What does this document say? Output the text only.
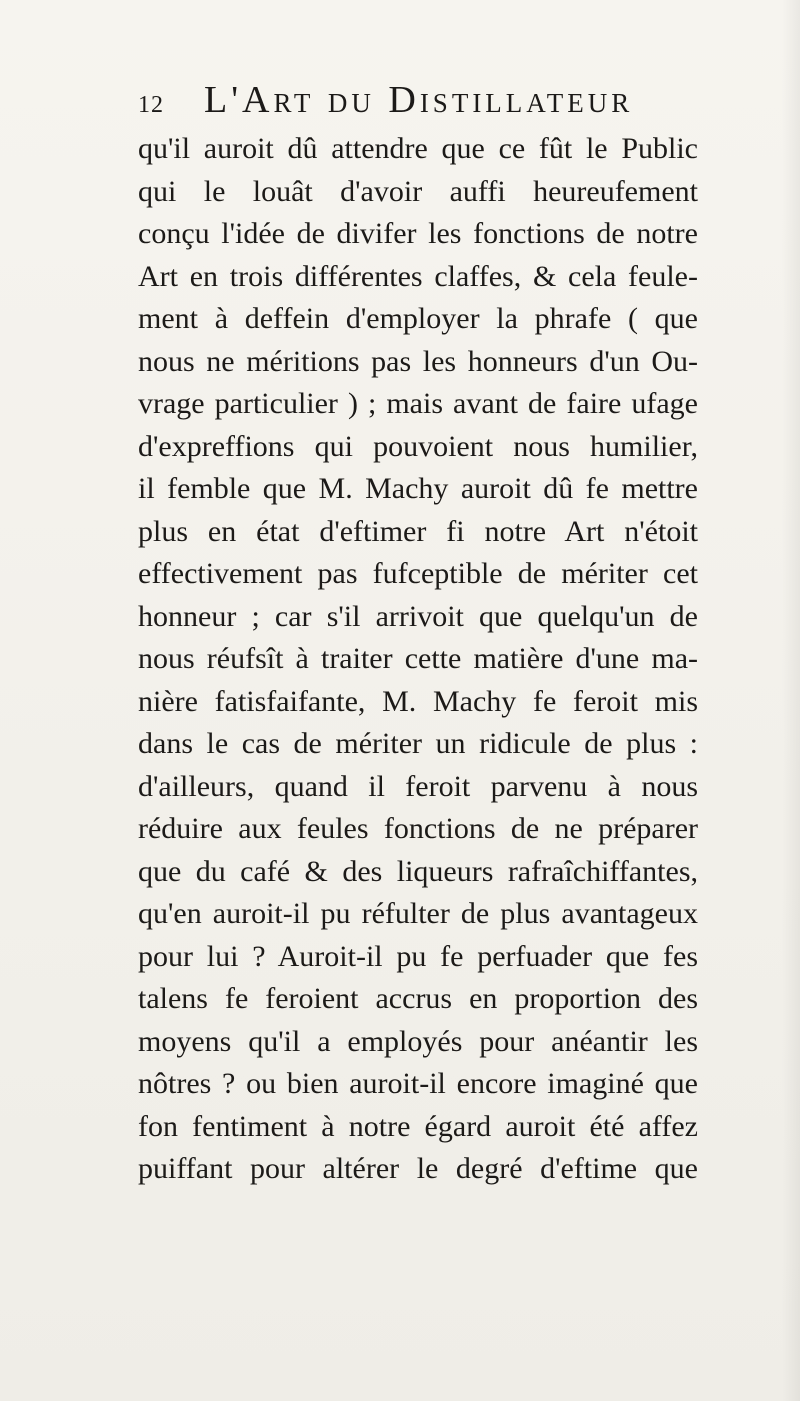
12 L'Art du Distillateur
qu'il auroit dû attendre que ce fût le Public
qui le louât d'avoir auffi heureufement
conçu l'idée de divifer les fonctions de notre
Art en trois différentes claffes, & cela feule-
ment à deffein d'employer la phrafe ( que
nous ne méritions pas les honneurs d'un Ou-
vrage particulier ) ; mais avant de faire ufage
d'expreffions qui pouvoient nous humilier,
il femble que M. Machy auroit dû fe mettre
plus en état d'eftimer fi notre Art n'étoit
effectivement pas fufceptible de mériter cet
honneur ; car s'il arrivoit que quelqu'un de
nous réufsît à traiter cette matière d'une ma-
nière fatisfaifante, M. Machy fe feroit mis
dans le cas de mériter un ridicule de plus :
d'ailleurs, quand il feroit parvenu à nous
réduire aux feules fonctions de ne préparer
que du café & des liqueurs rafraîchiffantes,
qu'en auroit-il pu réfulter de plus avantageux
pour lui ? Auroit-il pu fe perfuader que fes
talens fe feroient accrus en proportion des
moyens qu'il a employés pour anéantir les
nôtres ? ou bien auroit-il encore imaginé que
fon fentiment à notre égard auroit été affez
puiffant pour altérer le degré d'eftime que
